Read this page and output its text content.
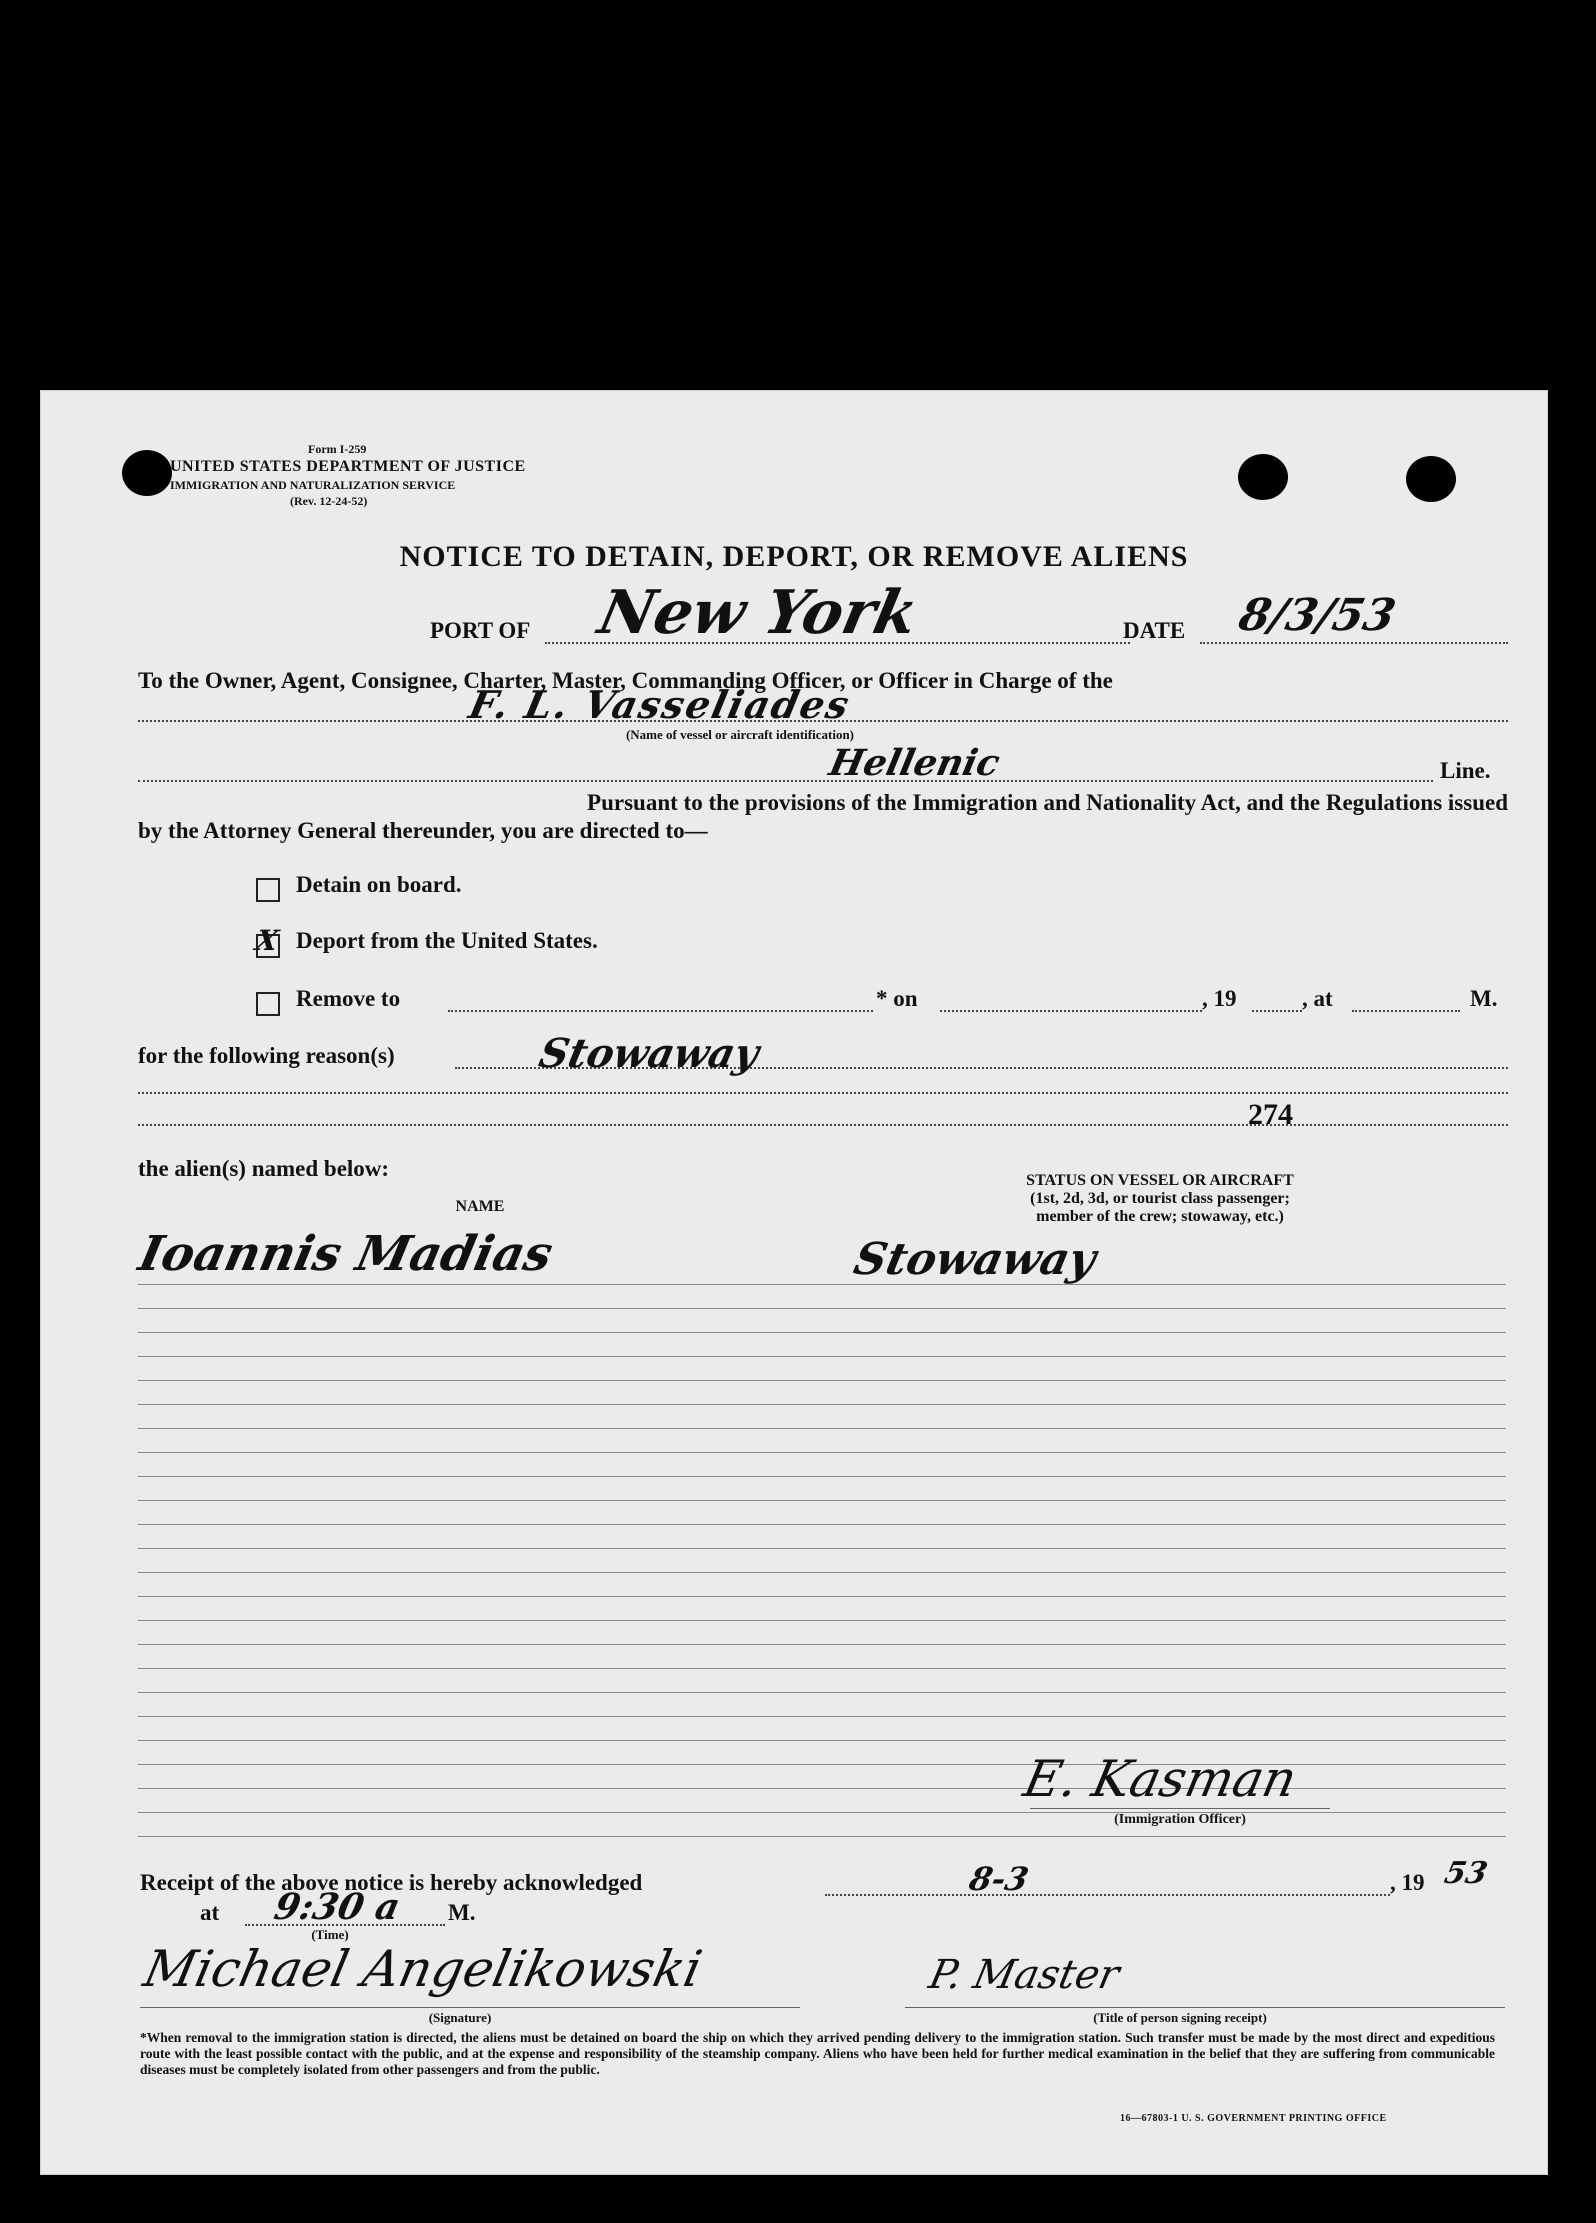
Form I-259
UNITED STATES DEPARTMENT OF JUSTICE
IMMIGRATION AND NATURALIZATION SERVICE
(Rev. 12-24-52)
NOTICE TO DETAIN, DEPORT, OR REMOVE ALIENS
PORT OF New York	DATE 8/3/53
To the Owner, Agent, Consignee, Charter, Master, Commanding Officer, or Officer in Charge of the
F. L. Vasseliades
(Name of vessel or aircraft identification)
Hellenic	Line.
Pursuant to the provisions of the Immigration and Nationality Act, and the Regulations issued
by the Attorney General thereunder, you are directed to—
Detain on board.
X Deport from the United States.
Remove to	* on	, 19	, at	M.
for the following reason(s)	Stowaway
274
the alien(s) named below:
NAME
STATUS ON VESSEL OR AIRCRAFT
(1st, 2d, 3d, or tourist class passenger;
member of the crew; stowaway, etc.)
Ioannis Madias	Stowaway
E. Kasman
(Immigration Officer)
Receipt of the above notice is hereby acknowledged	8-3	, 19 53
at 9:30 a M.
(Time)
Michael Angelikowski
(Signature)
P. Master
(Title of person signing receipt)
*When removal to the immigration station is directed, the aliens must be detained on board the ship on which they arrived pending delivery to the immigration station. Such transfer must be made by the most direct and expeditious route with the least possible contact with the public, and at the expense and responsibility of the steamship company. Aliens who have been held for further medical examination in the belief that they are suffering from communicable diseases must be completely isolated from other passengers and from the public.
16—67803-1 U. S. GOVERNMENT PRINTING OFFICE
